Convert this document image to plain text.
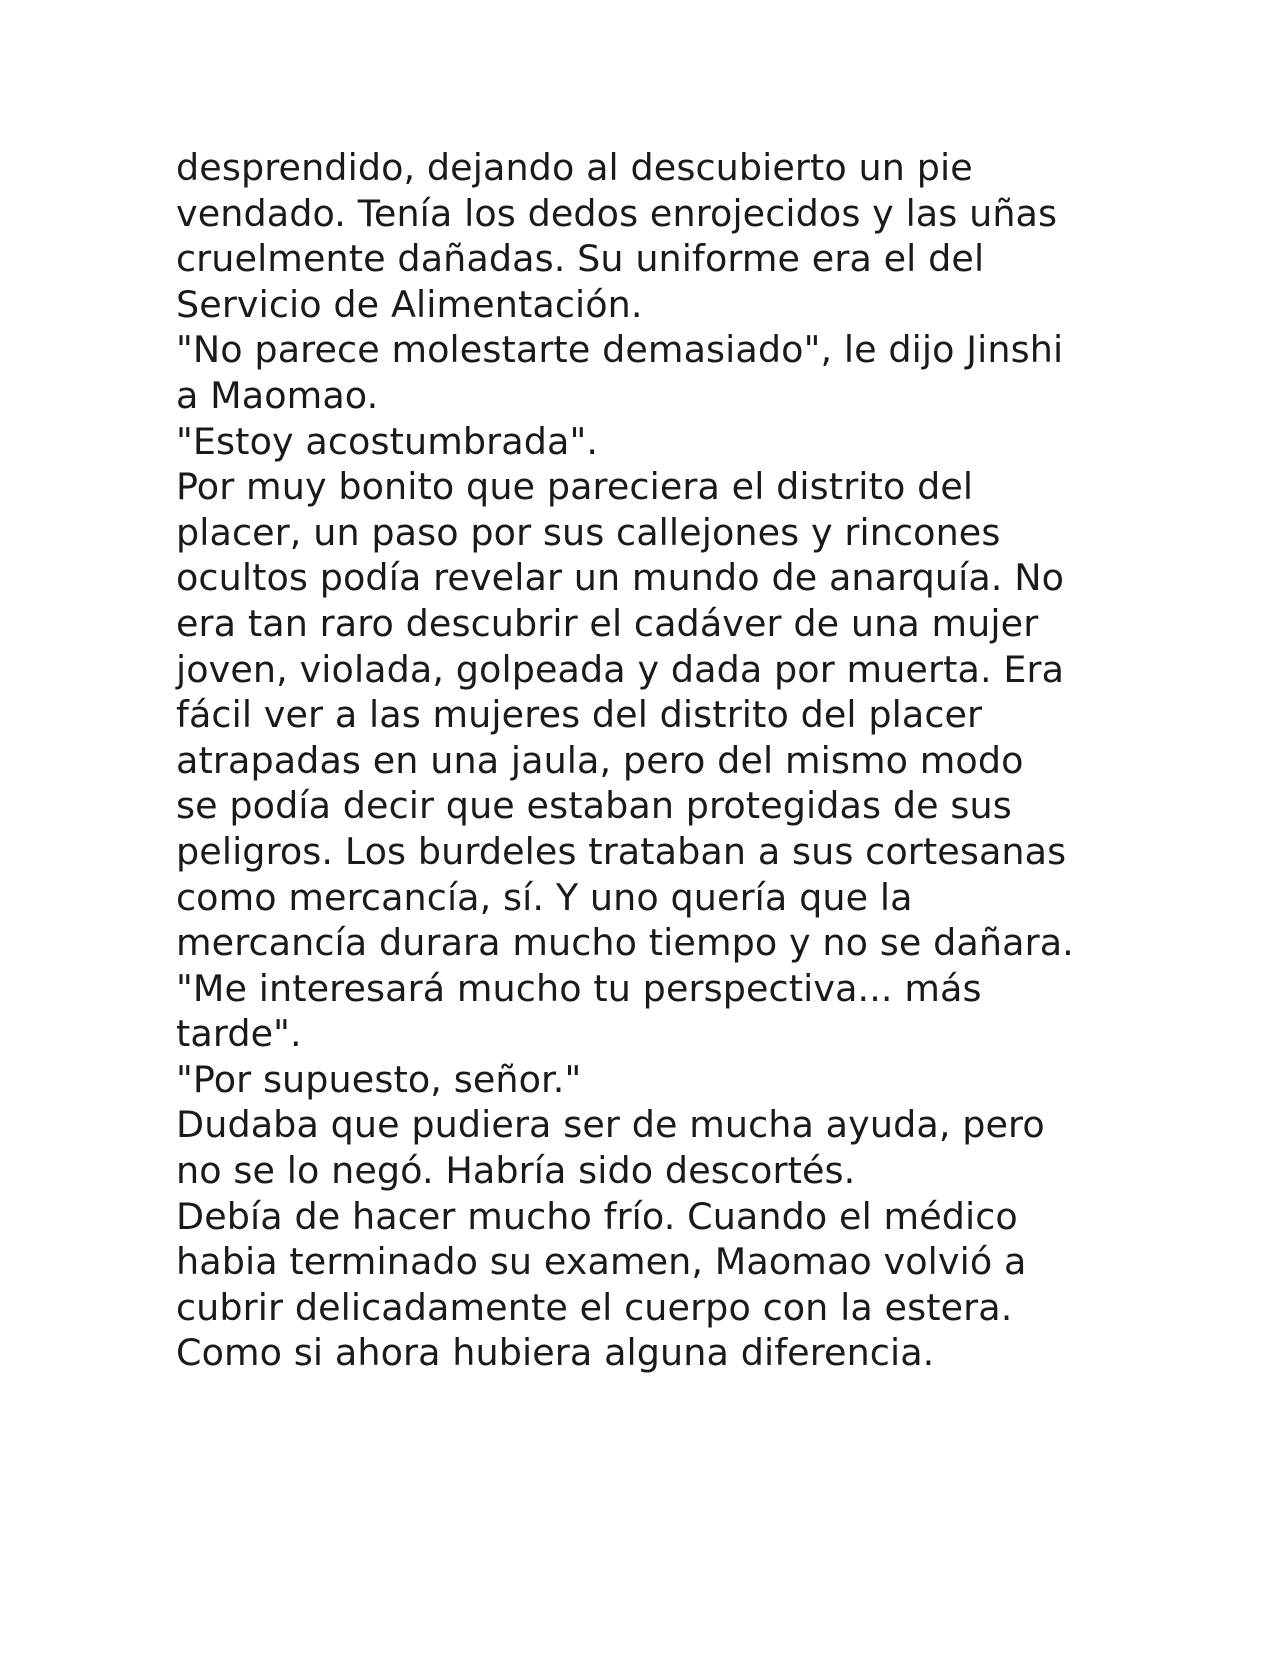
desprendido, dejando al descubierto un pie

vendado. Tenía los dedos enrojecidos y las uñas

cruelmente dañadas. Su uniforme era el del

Servicio de Alimentación.

"No parece molestarte demasiado", le dijo Jinshi

a Maomao.

"Estoy acostumbrada".

Por muy bonito que pareciera el distrito del

placer, un paso por sus callejones y rincones

ocultos podía revelar un mundo de anarquía. No

era tan raro descubrir el cadáver de una mujer

joven, violada, golpeada y dada por muerta. Era

fácil ver a las mujeres del distrito del placer

atrapadas en una jaula, pero del mismo modo

se podía decir que estaban protegidas de sus

peligros. Los burdeles trataban a sus cortesanas

como mercancía, sí. Y uno quería que la

mercancía durara mucho tiempo y no se dañara.

"Me interesará mucho tu perspectiva... más

tarde".

"Por supuesto, señor."

Dudaba que pudiera ser de mucha ayuda, pero

no se lo negó. Habría sido descortés.

Debía de hacer mucho frío. Cuando el médico

habia terminado su examen, Maomao volvió a

cubrir delicadamente el cuerpo con la estera.

Como si ahora hubiera alguna diferencia.
